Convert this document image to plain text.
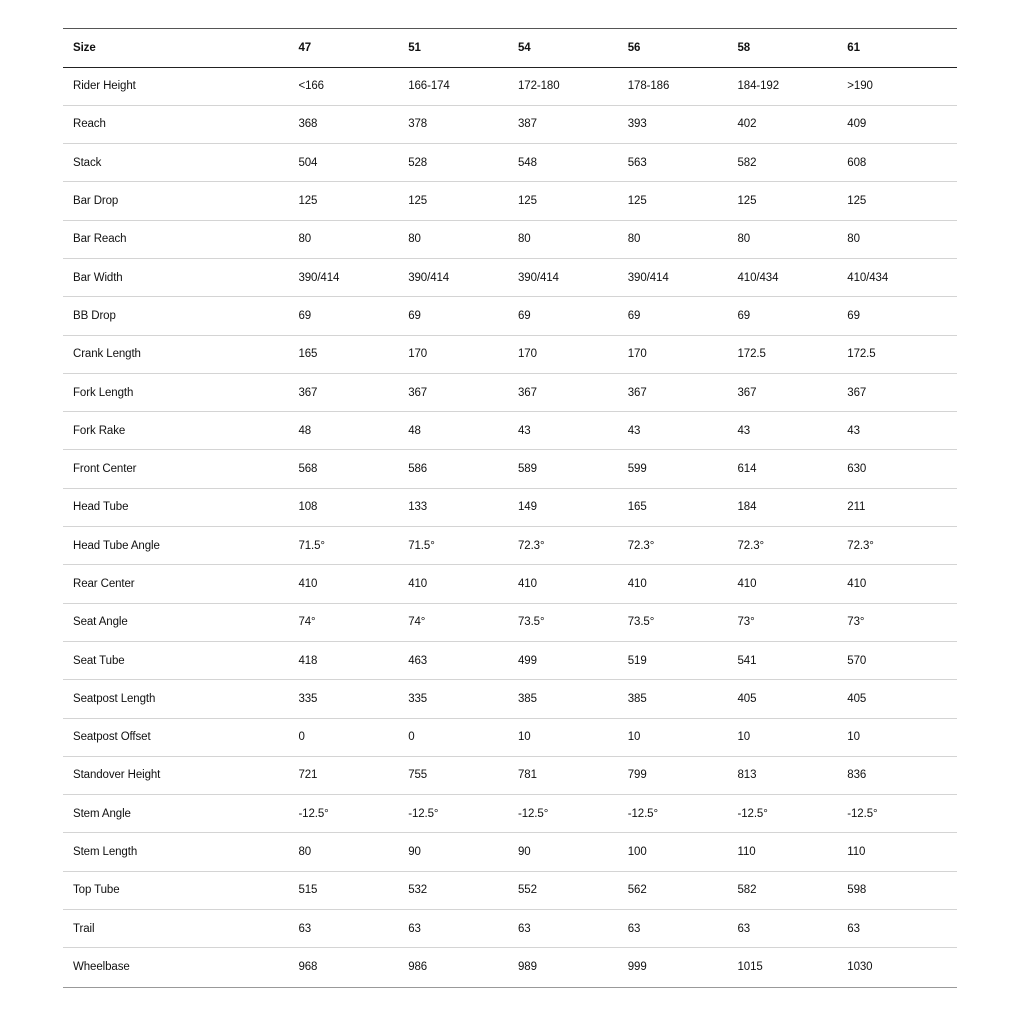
Size	47	51	54	56	58	61
Rider Height	<166	166-174	172-180	178-186	184-192	>190
Reach	368	378	387	393	402	409
Stack	504	528	548	563	582	608
Bar Drop	125	125	125	125	125	125
Bar Reach	80	80	80	80	80	80
Bar Width	390/414	390/414	390/414	390/414	410/434	410/434
BB Drop	69	69	69	69	69	69
Crank Length	165	170	170	170	172.5	172.5
Fork Length	367	367	367	367	367	367
Fork Rake	48	48	43	43	43	43
Front Center	568	586	589	599	614	630
Head Tube	108	133	149	165	184	211
Head Tube Angle	71.5°	71.5°	72.3°	72.3°	72.3°	72.3°
Rear Center	410	410	410	410	410	410
Seat Angle	74°	74°	73.5°	73.5°	73°	73°
Seat Tube	418	463	499	519	541	570
Seatpost Length	335	335	385	385	405	405
Seatpost Offset	0	0	10	10	10	10
Standover Height	721	755	781	799	813	836
Stem Angle	-12.5°	-12.5°	-12.5°	-12.5°	-12.5°	-12.5°
Stem Length	80	90	90	100	110	110
Top Tube	515	532	552	562	582	598
Trail	63	63	63	63	63	63
Wheelbase	968	986	989	999	1015	1030
